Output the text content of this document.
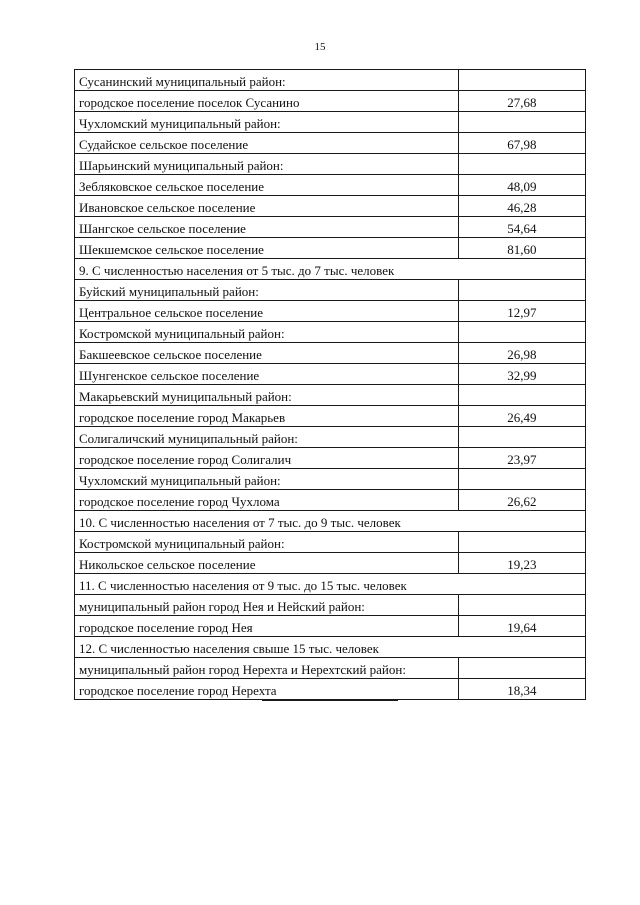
15
Сусанинский муниципальный район:	
городское поселение поселок Сусанино	27,68
Чухломский муниципальный район:	
Судайское сельское поселение	67,98
Шарьинский муниципальный район:	
Зебляковское сельское поселение	48,09
Ивановское сельское поселение	46,28
Шангское сельское поселение	54,64
Шекшемское сельское поселение	81,60
9. С численностью населения от 5 тыс. до 7 тыс. человек	
Буйский муниципальный район:	
Центральное сельское поселение	12,97
Костромской муниципальный район:	
Бакшеевское сельское поселение	26,98
Шунгенское сельское поселение	32,99
Макарьевский муниципальный район:	
городское поселение город Макарьев	26,49
Солигаличский муниципальный район:	
городское поселение город Солигалич	23,97
Чухломский муниципальный район:	
городское поселение город Чухлома	26,62
10. С численностью населения от 7 тыс. до 9 тыс. человек	
Костромской муниципальный район:	
Никольское сельское поселение	19,23
11. С численностью населения от 9 тыс. до 15 тыс. человек	
муниципальный район город Нея и Нейский район:	
городское поселение город Нея	19,64
12. С численностью населения свыше 15 тыс. человек	
муниципальный район город Нерехта и Нерехтский район:	
городское поселение город Нерехта	18,34
